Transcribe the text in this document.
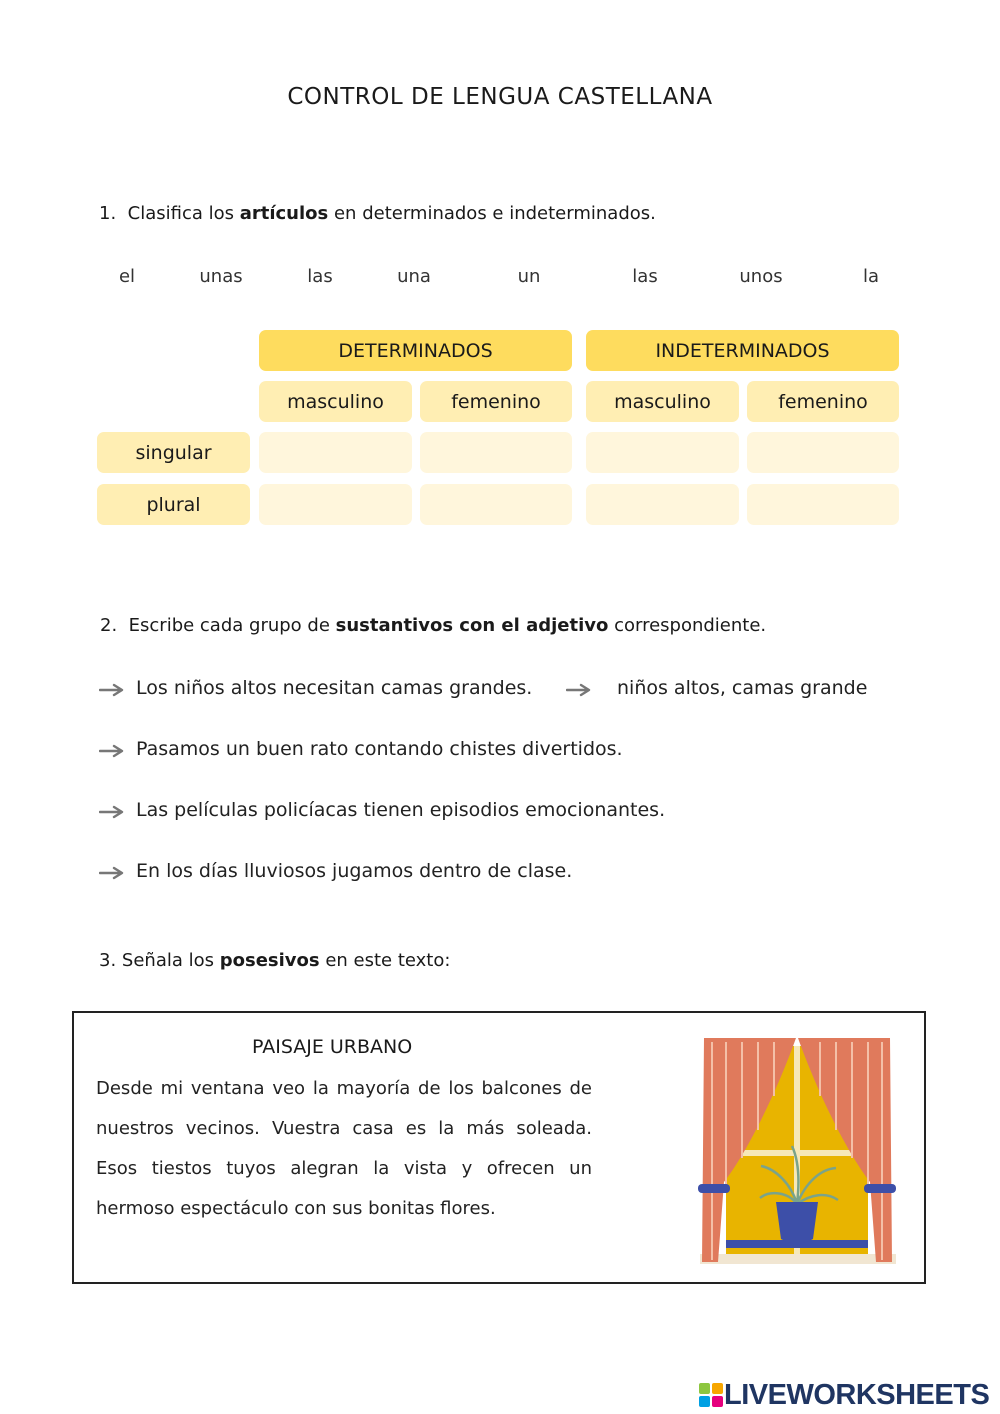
CONTROL DE LENGUA CASTELLANA
1. Clasifica los artículos en determinados e indeterminados.
el	unas	las	una	un	las	unos	la
DETERMINADOS	INDETERMINADOS
masculino	femenino	masculino	femenino
singular
plural
2. Escribe cada grupo de sustantivos con el adjetivo correspondiente.
Los niños altos necesitan camas grandes.	niños altos, camas grande
Pasamos un buen rato contando chistes divertidos.
Las películas policíacas tienen episodios emocionantes.
En los días lluviosos jugamos dentro de clase.
3. Señala los posesivos en este texto:
PAISAJE URBANO
Desde mi ventana veo la mayoría de los balcones de nuestros vecinos. Vuestra casa es la más soleada. Esos tiestos tuyos alegran la vista y ofrecen un hermoso espectáculo con sus bonitas flores.
LIVEWORKSHEETS
